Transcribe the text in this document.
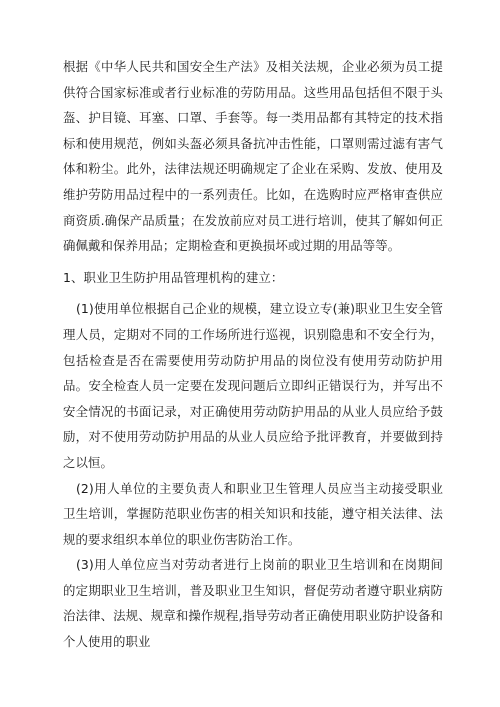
根据《中华人民共和国安全生产法》及相关法规，企业必须为员工提供符合国家标准或者行业标准的劳防用品。这些用品包括但不限于头盔、护目镜、耳塞、口罩、手套等。每一类用品都有其特定的技术指标和使用规范，例如头盔必须具备抗冲击性能，口罩则需过滤有害气体和粉尘。此外，法律法规还明确规定了企业在采购、发放、使用及维护劳防用品过程中的一系列责任。比如，在选购时应严格审查供应商资质.确保产品质量；在发放前应对员工进行培训，使其了解如何正确佩戴和保养用品；定期检查和更换损坏或过期的用品等等。

1、职业卫生防护用品管理机构的建立：

(1)使用单位根据自己企业的规模，建立设立专(兼)职业卫生安全管理人员，定期对不同的工作场所进行巡视，识别隐患和不安全行为，包括检查是否在需要使用劳动防护用品的岗位没有使用劳动防护用品。安全检查人员一定要在发现问题后立即纠正错误行为，并写出不安全情况的书面记录，对正确使用劳动防护用品的从业人员应给予鼓励，对不使用劳动防护用品的从业人员应给予批评教育，并要做到持之以恒。

(2)用人单位的主要负责人和职业卫生管理人员应当主动接受职业卫生培训，掌握防范职业伤害的相关知识和技能，遵守相关法律、法规的要求组织本单位的职业伤害防治工作。

(3)用人单位应当对劳动者进行上岗前的职业卫生培训和在岗期间的定期职业卫生培训，普及职业卫生知识，督促劳动者遵守职业病防治法律、法规、规章和操作规程,指导劳动者正确使用职业防护设备和个人使用的职业
